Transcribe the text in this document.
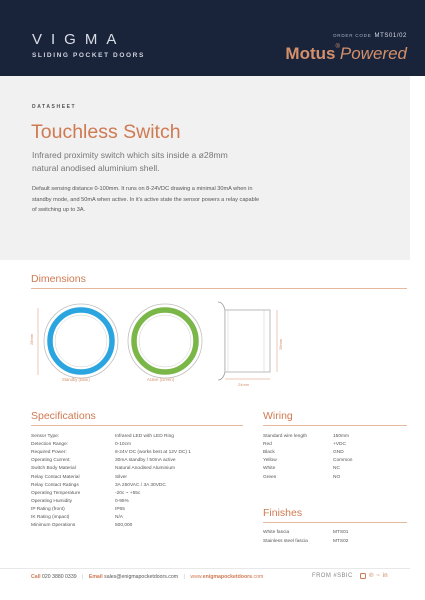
VIGMA
SLIDING POCKET DOORS
ORDER CODE MTS01/02
Motus®Powered
DATASHEET
Touchless Switch
Infrared proximity switch which sits inside a ø28mm natural anodised aluminium shell.
Default sensing distance 0-100mm. It runs on 8-24VDC drawing a minimal 30mA when in standby mode, and 50mA when active. In it's active state the sensor powers a relay capable of switching up to 3A.
Dimensions
28mm	28mm
24mm
Standby (Blue)	Active (Green)
Specifications
Sensor Type:	Infrared LED with LED Ring
Detection Range:	0-10cm
Required Power:	8-24V DC (works best at 12V DC) 1
Operating Current:	30mA standby / 50mA active
Switch Body Material	Natural Anodised Aluminium
Relay Contact Material	Silver
Relay Contact Ratings	3A 250VAC / 3A 30VDC
Operating Temperature	-20c ~ +55c
Operating Humidity	0-95%
IP Rating (front)	IP65
IK Rating (impact)	N/A
Minimum Operations	500,000
Wiring
Standard wire length	150mm
Red	+VDC
Black	GND
Yellow	Common
White	NC
Green	NO
Finishes
White fascia	MTS01
Stainless steel fascia	MTS02
Call 020 3880 0339 | Email sales@enigmapocketdoors.com | www.enigmapocketdoors.com	FROM #SBIC	℗ ~ in
